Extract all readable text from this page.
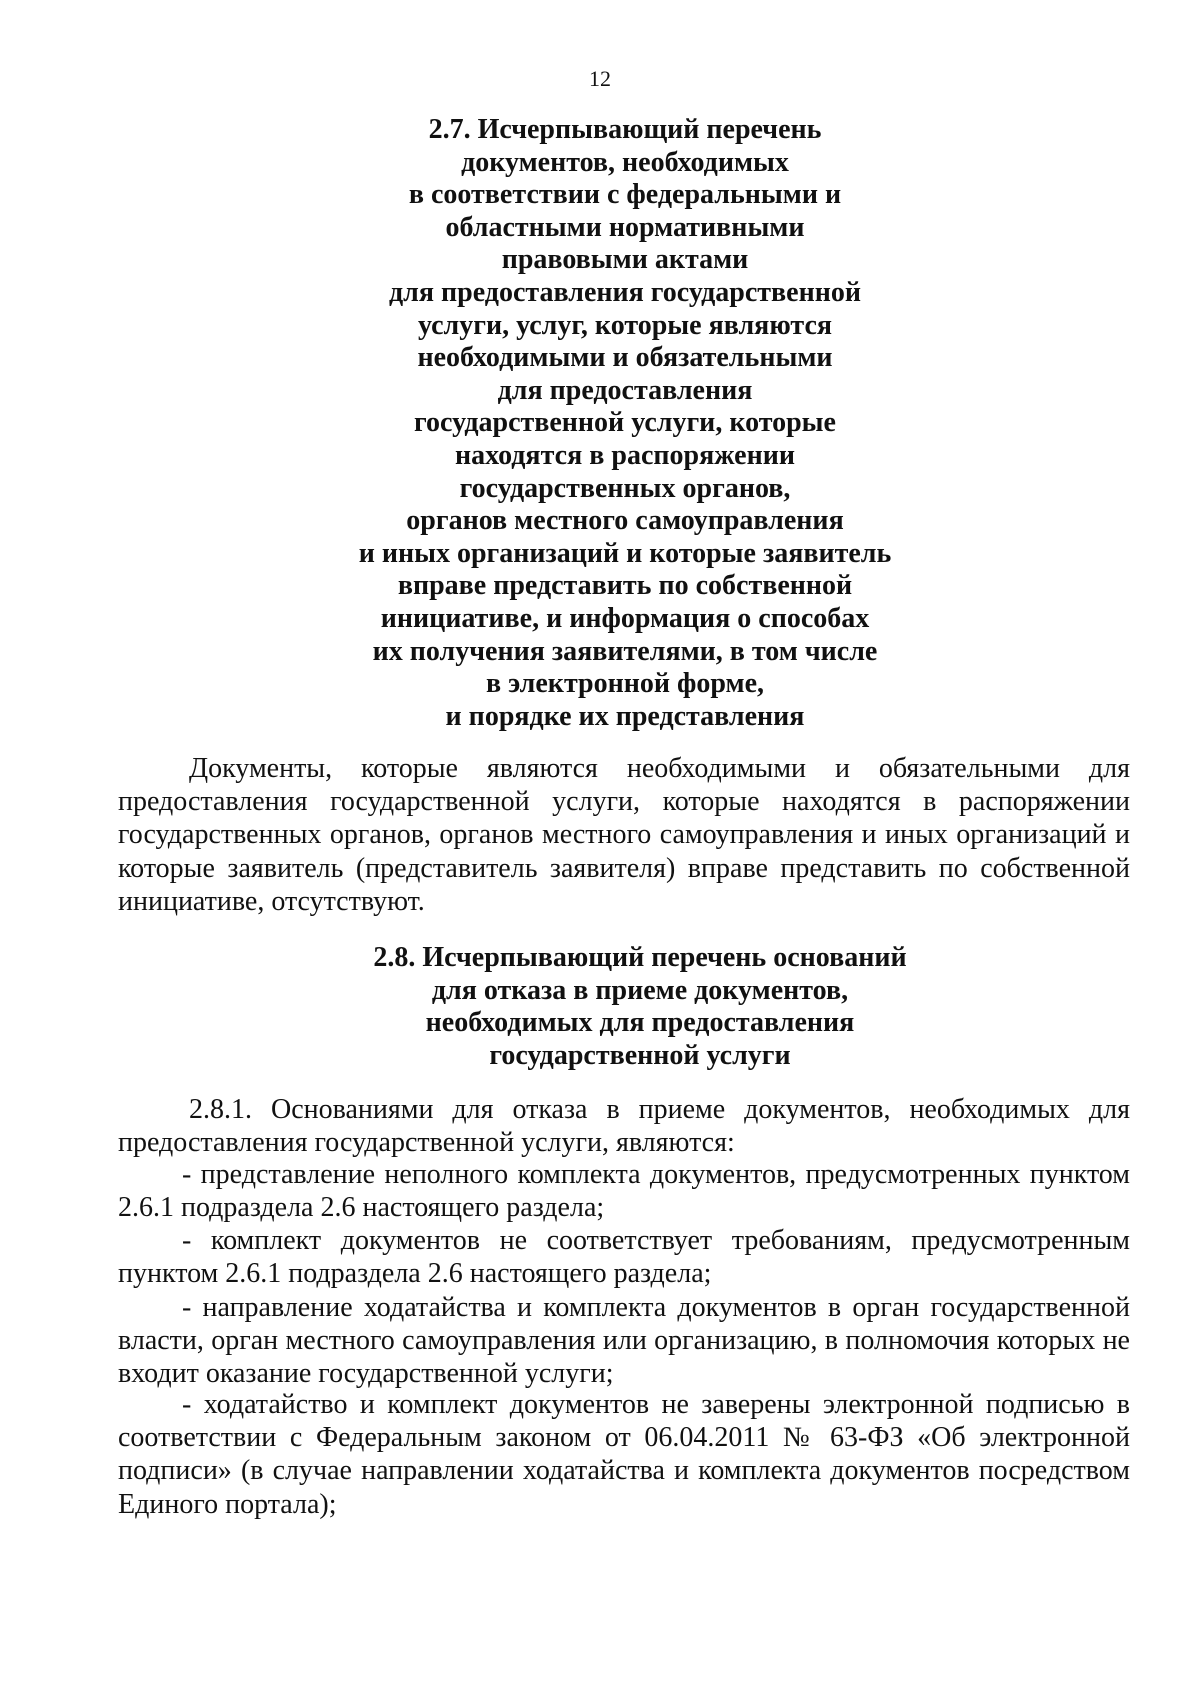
12
2.7. Исчерпывающий перечень
документов, необходимых
в соответствии с федеральными и
областными нормативными
правовыми актами
для предоставления государственной
услуги, услуг, которые являются
необходимыми и обязательными
для предоставления
государственной услуги, которые
находятся в распоряжении
государственных органов,
органов местного самоуправления
и иных организаций и которые заявитель
вправе представить по собственной
инициативе, и информация о способах
их получения заявителями, в том числе
в электронной форме,
и порядке их представления

Документы, которые являются необходимыми и обязательными для предоставления государственной услуги, которые находятся в распоряжении государственных органов, органов местного самоуправления и иных организаций и которые заявитель (представитель заявителя) вправе представить по собственной инициативе, отсутствуют.

2.8. Исчерпывающий перечень оснований
для отказа в приеме документов,
необходимых для предоставления
государственной услуги

2.8.1. Основаниями для отказа в приеме документов, необходимых для предоставления государственной услуги, являются:

- представление неполного комплекта документов, предусмотренных пунктом 2.6.1 подраздела 2.6 настоящего раздела;

- комплект документов не соответствует требованиям, предусмотренным пунктом 2.6.1 подраздела 2.6 настоящего раздела;

- направление ходатайства и комплекта документов в орган государственной власти, орган местного самоуправления или организацию, в полномочия которых не входит оказание государственной услуги;

- ходатайство и комплект документов не заверены электронной подписью в соответствии с Федеральным законом от 06.04.2011 № 63-ФЗ «Об электронной подписи» (в случае направлении ходатайства и комплекта документов посредством Единого портала);
